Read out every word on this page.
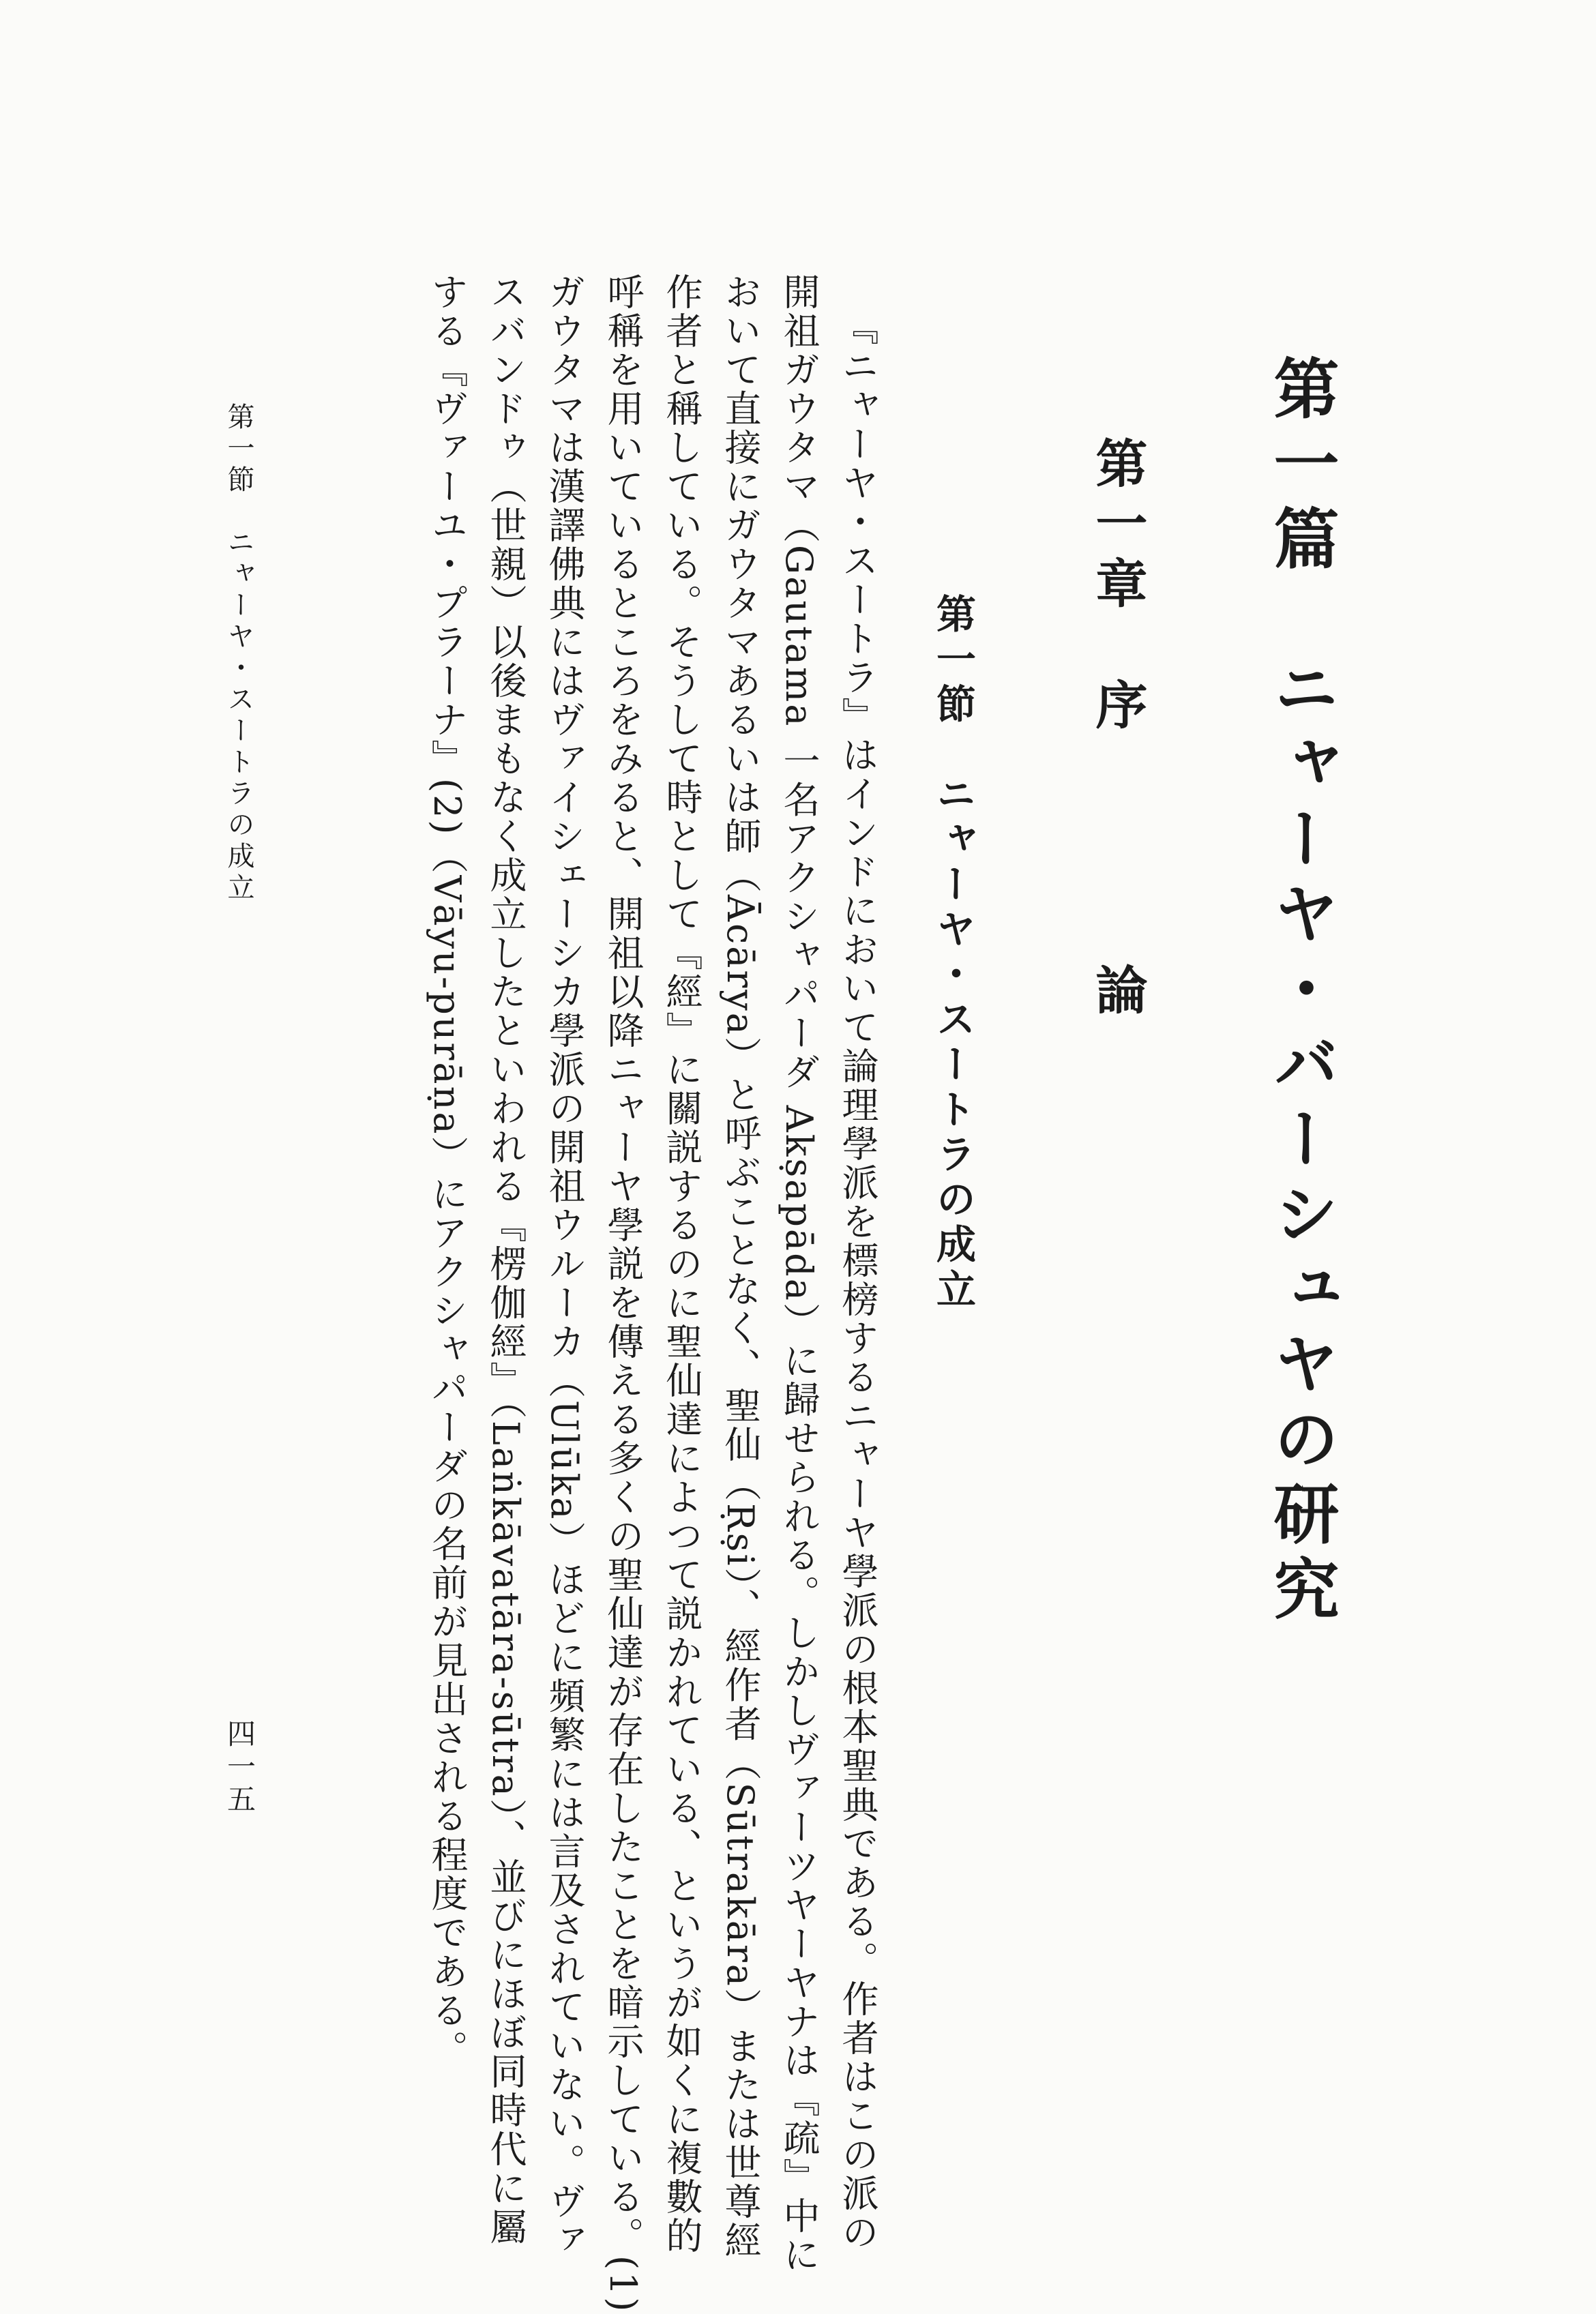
第一篇　ニャーヤ・バーシュヤの研究
第一章序論
第一節　ニャーヤ・スートラの成立
『ニャーヤ・スートラ』はインドにおいて論理學派を標榜するニャーヤ學派の根本聖典である。作者はこの派の
開祖ガウタマ（Gautama 一名アクシャパーダ Akṣapāda）に歸せられる。しかしヴァーツヤーヤナは『疏』中に
おいて直接にガウタマあるいは師（Ācārya）と呼ぶことなく、聖仙（Ṛṣi）、經作者（Sūtrakāra）または世尊經
作者と稱している。そうして時として『經』に關説するのに聖仙達によつて説かれている、というが如くに複數的
呼稱を用いているところをみると、開祖以降ニャーヤ學説を傳える多くの聖仙達が存在したことを暗示している。(1)
ガウタマは漢譯佛典にはヴァイシェーシカ學派の開祖ウルーカ（Ulūka）ほどに頻繁には言及されていない。ヴァ
スバンドゥ（世親）以後まもなく成立したといわれる『楞伽經』（Laṅkāvatāra-sūtra）、並びにほぼ同時代に屬
する『ヴァーユ・プラーナ』(2)（Vāyu-purāṇa）にアクシャパーダの名前が見出される程度である。
第一節　ニャーヤ・スートラの成立
四一五
